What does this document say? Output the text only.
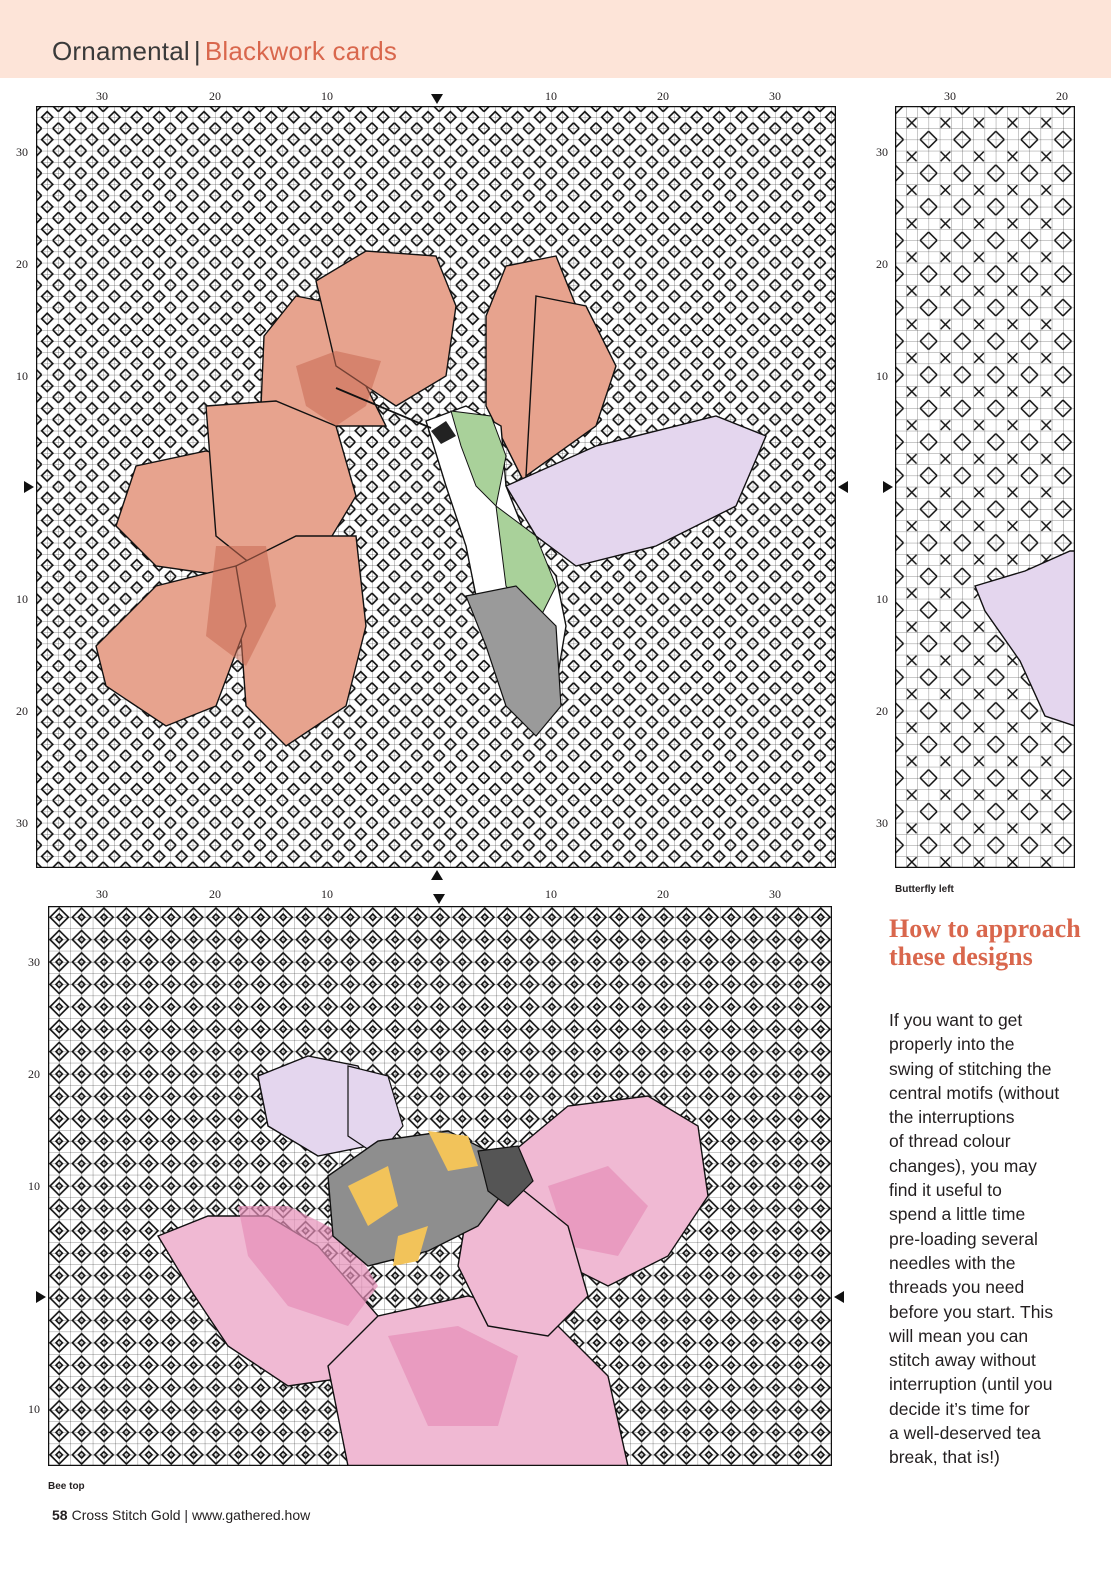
Ornamental | Blackwork cards
30	20	10	10	20	30
30
20
10
10
20
30
30	20
30
20
10
10
20
30
Butterfly left
30	20	10	10	20	30
30
20
10
10
Bee top
How to approach these designs
If you want to get
properly into the
swing of stitching the
central motifs (without
the interruptions
of thread colour
changes), you may
find it useful to
spend a little time
pre-loading several
needles with the
threads you need
before you start. This
will mean you can
stitch away without
interruption (until you
decide it’s time for
a well-deserved tea
break, that is!)
58 Cross Stitch Gold | www.gathered.how
